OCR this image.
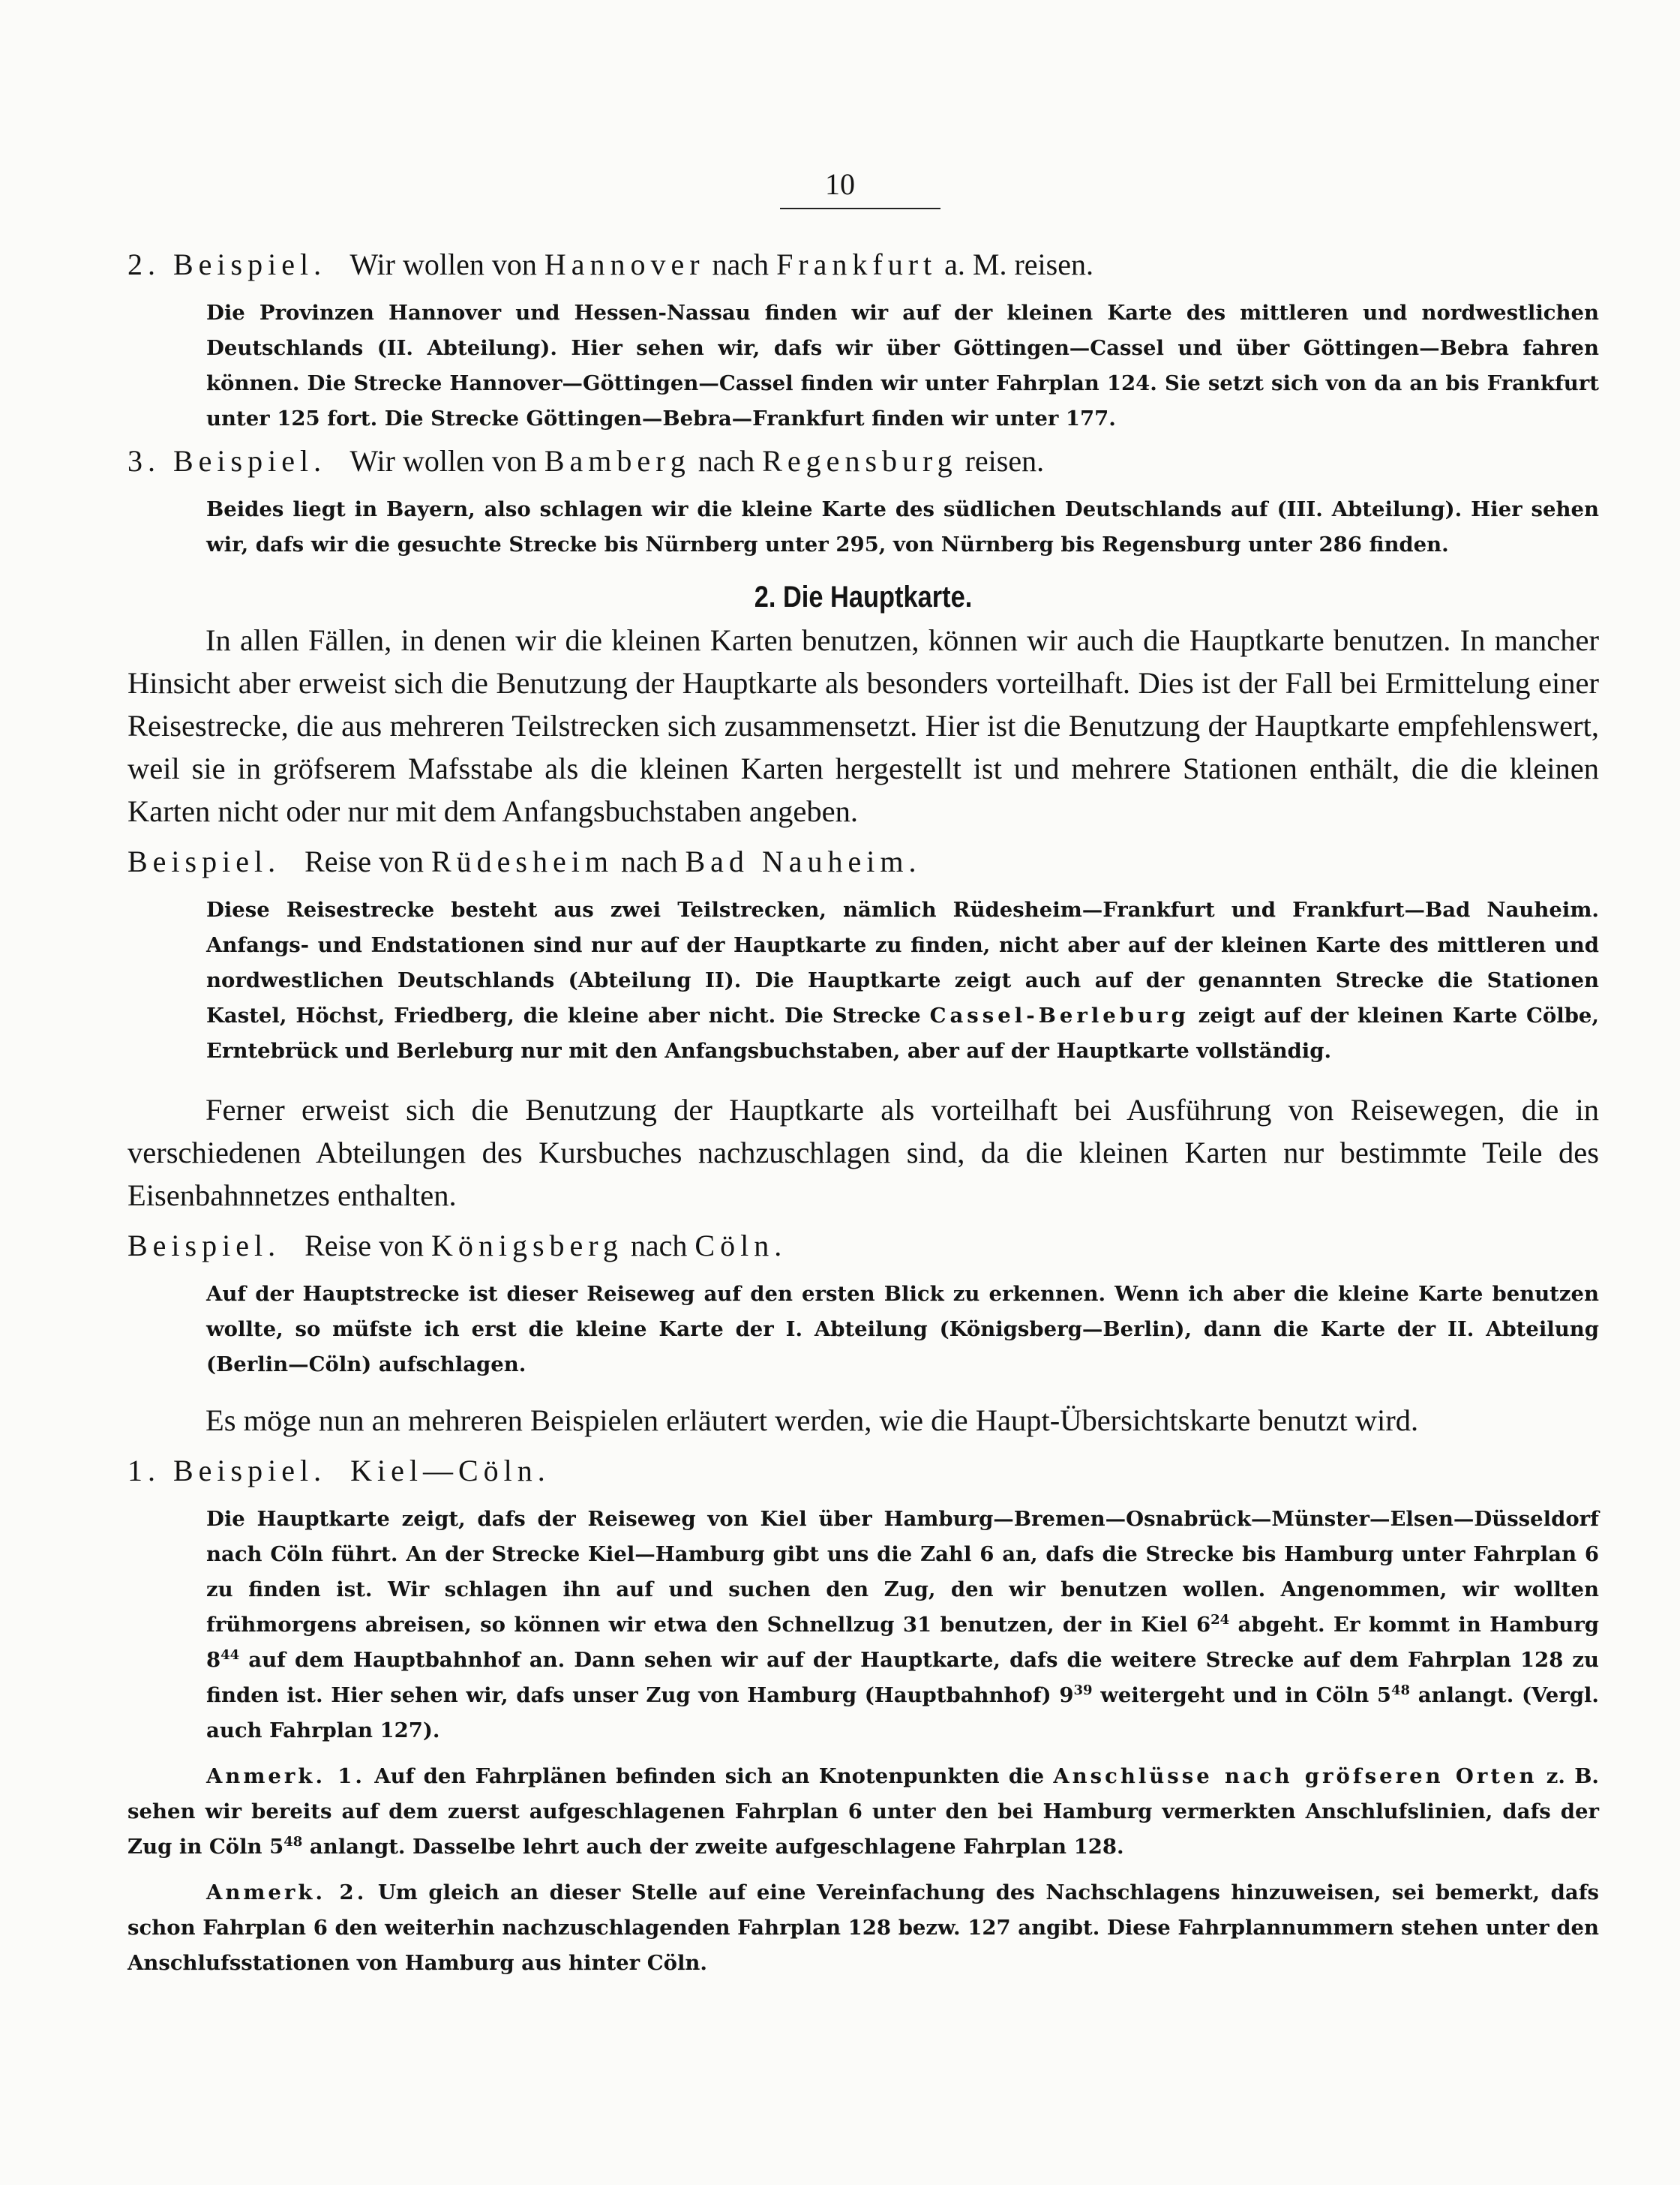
10
2. Beispiel. Wir wollen von Hannover nach Frankfurt a. M. reisen.

Die Provinzen Hannover und Hessen-Nassau finden wir auf der kleinen Karte des mittleren und nordwestlichen Deutschlands (II. Abteilung). Hier sehen wir, dafs wir über Göttingen—Cassel und über Göttingen—Bebra fahren können. Die Strecke Hannover—Göttingen—Cassel finden wir unter Fahrplan 124. Sie setzt sich von da an bis Frankfurt unter 125 fort. Die Strecke Göttingen—Bebra—Frankfurt finden wir unter 177.

3. Beispiel. Wir wollen von Bamberg nach Regensburg reisen.

Beides liegt in Bayern, also schlagen wir die kleine Karte des südlichen Deutschlands auf (III. Abteilung). Hier sehen wir, dafs wir die gesuchte Strecke bis Nürnberg unter 295, von Nürnberg bis Regensburg unter 286 finden.

2. Die Hauptkarte.

In allen Fällen, in denen wir die kleinen Karten benutzen, können wir auch die Hauptkarte benutzen. In mancher Hinsicht aber erweist sich die Benutzung der Hauptkarte als besonders vorteilhaft. Dies ist der Fall bei Ermittelung einer Reisestrecke, die aus mehreren Teilstrecken sich zusammensetzt. Hier ist die Benutzung der Hauptkarte empfehlenswert, weil sie in gröfserem Mafsstabe als die kleinen Karten hergestellt ist und mehrere Stationen enthält, die die kleinen Karten nicht oder nur mit dem Anfangsbuchstaben angeben.

Beispiel. Reise von Rüdesheim nach Bad Nauheim.

Diese Reisestrecke besteht aus zwei Teilstrecken, nämlich Rüdesheim—Frankfurt und Frankfurt—Bad Nauheim. Anfangs- und Endstationen sind nur auf der Hauptkarte zu finden, nicht aber auf der kleinen Karte des mittleren und nordwestlichen Deutschlands (Abteilung II). Die Hauptkarte zeigt auch auf der genannten Strecke die Stationen Kastel, Höchst, Friedberg, die kleine aber nicht. Die Strecke Cassel-Berleburg zeigt auf der kleinen Karte Cölbe, Erntebrück und Berleburg nur mit den Anfangsbuchstaben, aber auf der Hauptkarte vollständig.

Ferner erweist sich die Benutzung der Hauptkarte als vorteilhaft bei Ausführung von Reisewegen, die in verschiedenen Abteilungen des Kursbuches nachzuschlagen sind, da die kleinen Karten nur bestimmte Teile des Eisenbahnnetzes enthalten.

Beispiel. Reise von Königsberg nach Cöln.

Auf der Hauptstrecke ist dieser Reiseweg auf den ersten Blick zu erkennen. Wenn ich aber die kleine Karte benutzen wollte, so müfste ich erst die kleine Karte der I. Abteilung (Königsberg—Berlin), dann die Karte der II. Abteilung (Berlin—Cöln) aufschlagen.

Es möge nun an mehreren Beispielen erläutert werden, wie die Haupt-Übersichtskarte benutzt wird.

1. Beispiel. Kiel—Cöln.

Die Hauptkarte zeigt, dafs der Reiseweg von Kiel über Hamburg—Bremen—Osnabrück—Münster—Elsen—Düsseldorf nach Cöln führt. An der Strecke Kiel—Hamburg gibt uns die Zahl 6 an, dafs die Strecke bis Hamburg unter Fahrplan 6 zu finden ist. Wir schlagen ihn auf und suchen den Zug, den wir benutzen wollen. Angenommen, wir wollten frühmorgens abreisen, so können wir etwa den Schnellzug 31 benutzen, der in Kiel $6^{24}$ abgeht. Er kommt in Hamburg $8^{44}$ auf dem Hauptbahnhof an. Dann sehen wir auf der Hauptkarte, dafs die weitere Strecke auf dem Fahrplan 128 zu finden ist. Hier sehen wir, dafs unser Zug von Hamburg (Hauptbahnhof) $9^{39}$ weitergeht und in Cöln $5^{48}$ anlangt. (Vergl. auch Fahrplan 127).

Anmerk. 1. Auf den Fahrplänen befinden sich an Knotenpunkten die Anschlüsse nach gröfseren Orten z. B. sehen wir bereits auf dem zuerst aufgeschlagenen Fahrplan 6 unter den bei Hamburg vermerkten Anschlufslinien, dafs der Zug in Cöln $5^{48}$ anlangt. Dasselbe lehrt auch der zweite aufgeschlagene Fahrplan 128.

Anmerk. 2. Um gleich an dieser Stelle auf eine Vereinfachung des Nachschlagens hinzuweisen, sei bemerkt, dafs schon Fahrplan 6 den weiterhin nachzuschlagenden Fahrplan 128 bezw. 127 angibt. Diese Fahrplannummern stehen unter den Anschlufsstationen von Hamburg aus hinter Cöln.
